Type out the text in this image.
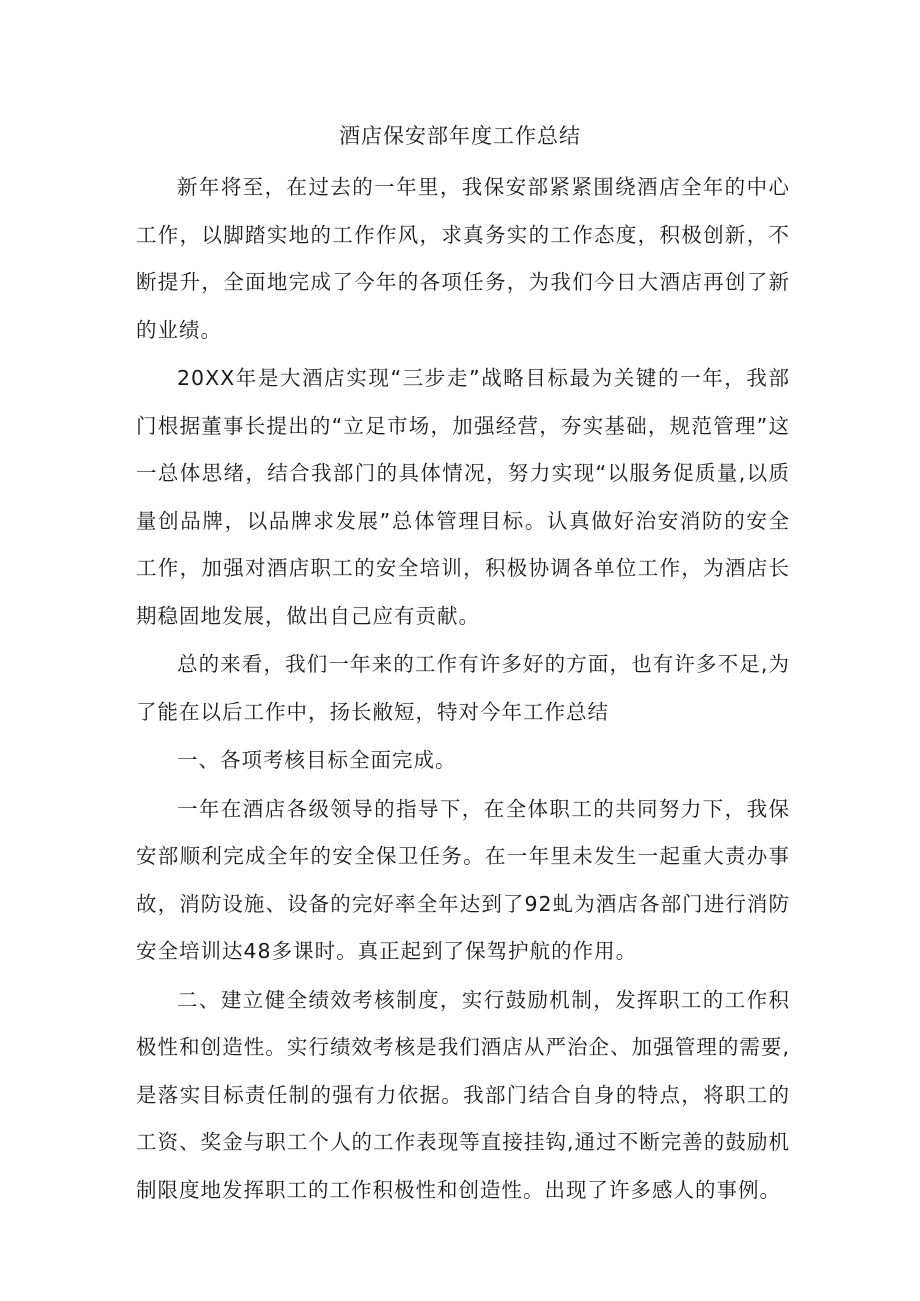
酒店保安部年度工作总结

新年将至，在过去的一年里，我保安部紧紧围绕酒店全年的中心工作，以脚踏实地的工作作风，求真务实的工作态度，积极创新，不断提升，全面地完成了今年的各项任务，为我们今日大酒店再创了新的业绩。

20XX年是大酒店实现“三步走”战略目标最为关键的一年，我部门根据董事长提出的“立足市场，加强经营，夯实基础，规范管理”这一总体思绪，结合我部门的具体情况，努力实现“以服务促质量,以质量创品牌，以品牌求发展”总体管理目标。认真做好治安消防的安全工作，加强对酒店职工的安全培训，积极协调各单位工作，为酒店长期稳固地发展，做出自己应有贡献。

总的来看，我们一年来的工作有许多好的方面，也有许多不足,为了能在以后工作中，扬长敝短，特对今年工作总结

一、各项考核目标全面完成。

一年在酒店各级领导的指导下，在全体职工的共同努力下，我保安部顺利完成全年的安全保卫任务。在一年里未发生一起重大责办事故，消防设施、设备的完好率全年达到了92虬为酒店各部门进行消防安全培训达48多课时。真正起到了保驾护航的作用。

二、建立健全绩效考核制度，实行鼓励机制，发挥职工的工作积极性和创造性。实行绩效考核是我们酒店从严治企、加强管理的需要,是落实目标责任制的强有力依据。我部门结合自身的特点，将职工的工资、奖金与职工个人的工作表现等直接挂钩,通过不断完善的鼓励机制限度地发挥职工的工作积极性和创造性。出现了许多感人的事例。
